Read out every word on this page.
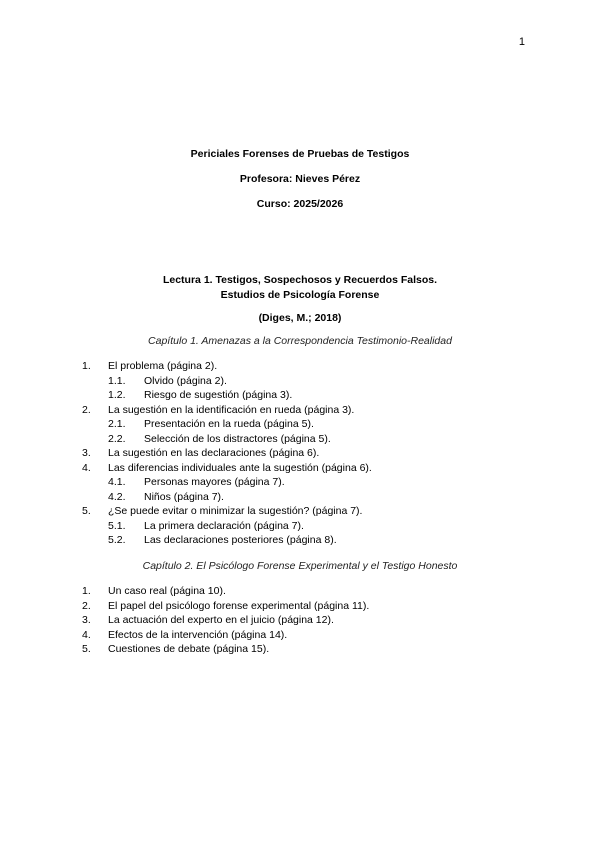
1
Periciales Forenses de Pruebas de Testigos
Profesora: Nieves Pérez
Curso: 2025/2026
Lectura 1. Testigos, Sospechosos y Recuerdos Falsos.
Estudios de Psicología Forense
(Diges, M.; 2018)
Capítulo 1. Amenazas a la Correspondencia Testimonio-Realidad
1. El problema (página 2).
1.1. Olvido (página 2).
1.2. Riesgo de sugestión (página 3).
2. La sugestión en la identificación en rueda (página 3).
2.1. Presentación en la rueda (página 5).
2.2. Selección de los distractores (página 5).
3. La sugestión en las declaraciones (página 6).
4. Las diferencias individuales ante la sugestión (página 6).
4.1. Personas mayores (página 7).
4.2. Niños (página 7).
5. ¿Se puede evitar o minimizar la sugestión? (página 7).
5.1. La primera declaración (página 7).
5.2. Las declaraciones posteriores (página 8).
Capítulo 2. El Psicólogo Forense Experimental y el Testigo Honesto
1. Un caso real (página 10).
2. El papel del psicólogo forense experimental (página 11).
3. La actuación del experto en el juicio (página 12).
4. Efectos de la intervención (página 14).
5. Cuestiones de debate (página 15).
